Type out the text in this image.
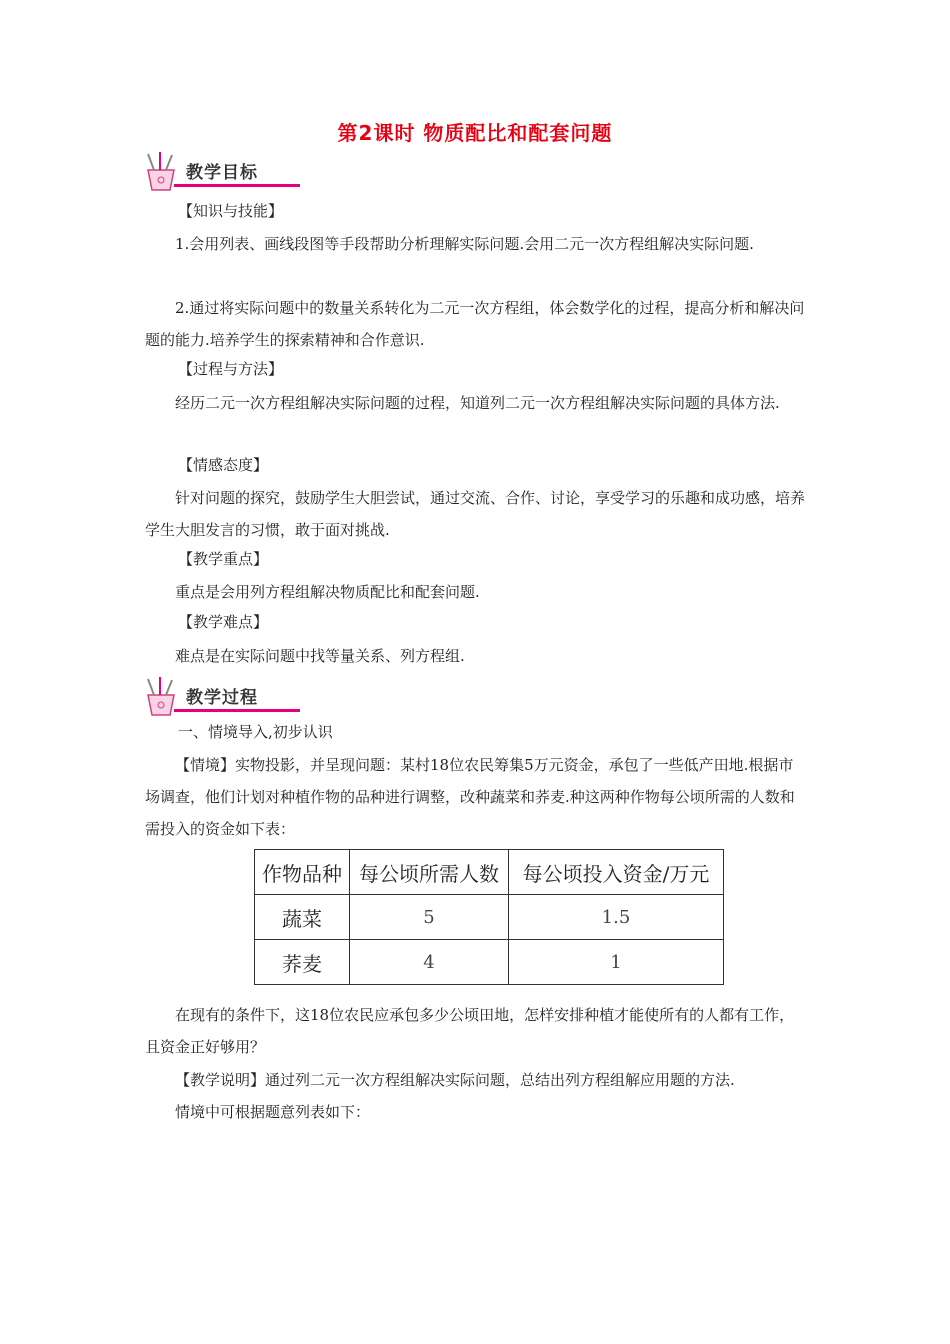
第2课时 物质配比和配套问题
教学目标
【知识与技能】
1.会用列表、画线段图等手段帮助分析理解实际问题.会用二元一次方程组解决实际问题.
2.通过将实际问题中的数量关系转化为二元一次方程组，体会数学化的过程，提高分析和解决问题的能力.培养学生的探索精神和合作意识.
【过程与方法】
经历二元一次方程组解决实际问题的过程，知道列二元一次方程组解决实际问题的具体方法.
【情感态度】
针对问题的探究，鼓励学生大胆尝试，通过交流、合作、讨论，享受学习的乐趣和成功感，培养学生大胆发言的习惯，敢于面对挑战.
【教学重点】
重点是会用列方程组解决物质配比和配套问题.
【教学难点】
难点是在实际问题中找等量关系、列方程组.
教学过程
一、情境导入,初步认识
【情境】实物投影，并呈现问题：某村18位农民筹集5万元资金，承包了一些低产田地.根据市场调查，他们计划对种植作物的品种进行调整，改种蔬菜和荞麦.种这两种作物每公顷所需的人数和需投入的资金如下表：
作物品种	每公顷所需人数	每公顷投入资金/万元
蔬菜	5	1.5
荞麦	4	1
在现有的条件下，这18位农民应承包多少公顷田地，怎样安排种植才能使所有的人都有工作，且资金正好够用？
【教学说明】通过列二元一次方程组解决实际问题，总结出列方程组解应用题的方法.
情境中可根据题意列表如下：
